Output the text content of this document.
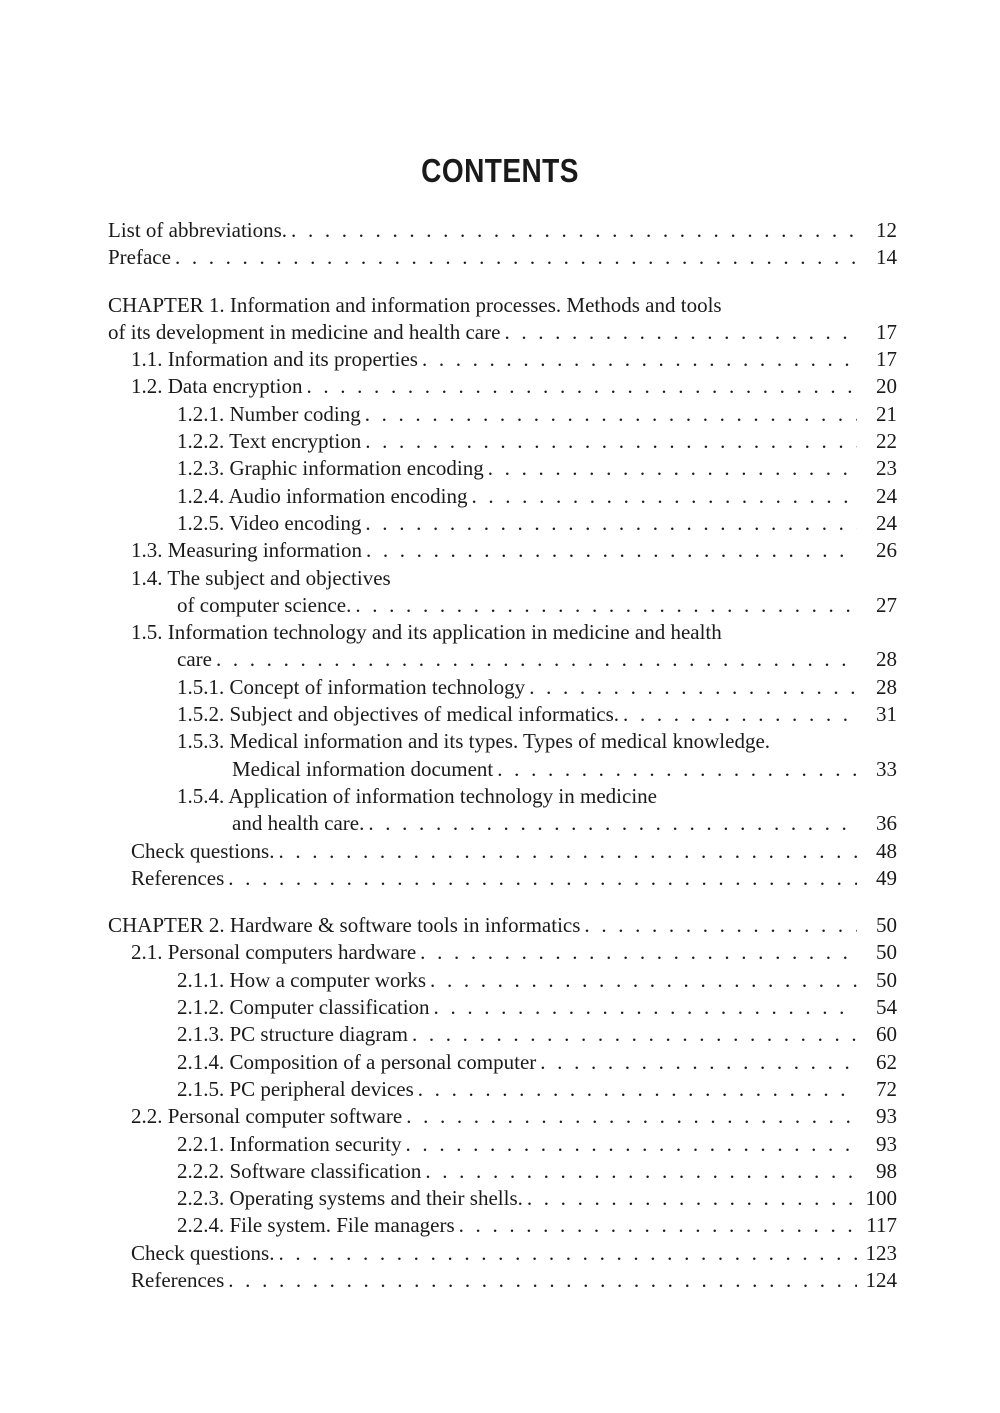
CONTENTS
List of abbreviations. . . .	12
Preface . . .	14
CHAPTER 1. Information and information processes. Methods and tools
of its development in medicine and health care . . .	17
1.1. Information and its properties . . .	17
1.2. Data encryption . . .	20
1.2.1. Number coding . . .	21
1.2.2. Text encryption . . .	22
1.2.3. Graphic information encoding . . .	23
1.2.4. Audio information encoding . . .	24
1.2.5. Video encoding . . .	24
1.3. Measuring information . . .	26
1.4. The subject and objectives
of computer science. . . .	27
1.5. Information technology and its application in medicine and health
care . . .	28
1.5.1. Concept of information technology . . .	28
1.5.2. Subject and objectives of medical informatics. . . .	31
1.5.3. Medical information and its types. Types of medical knowledge.
Medical information document . . .	33
1.5.4. Application of information technology in medicine
and health care. . . .	36
Check questions. . . .	48
References . . .	49
CHAPTER 2. Hardware & software tools in informatics . . .	50
2.1. Personal computers hardware . . .	50
2.1.1. How a computer works . . .	50
2.1.2. Computer classification . . .	54
2.1.3. PC structure diagram . . .	60
2.1.4. Composition of a personal computer . . .	62
2.1.5. PC peripheral devices . . .	72
2.2. Personal computer software . . .	93
2.2.1. Information security . . .	93
2.2.2. Software classification . . .	98
2.2.3. Operating systems and their shells. . . .	100
2.2.4. File system. File managers . . .	117
Check questions. . . .	123
References . . .	124
